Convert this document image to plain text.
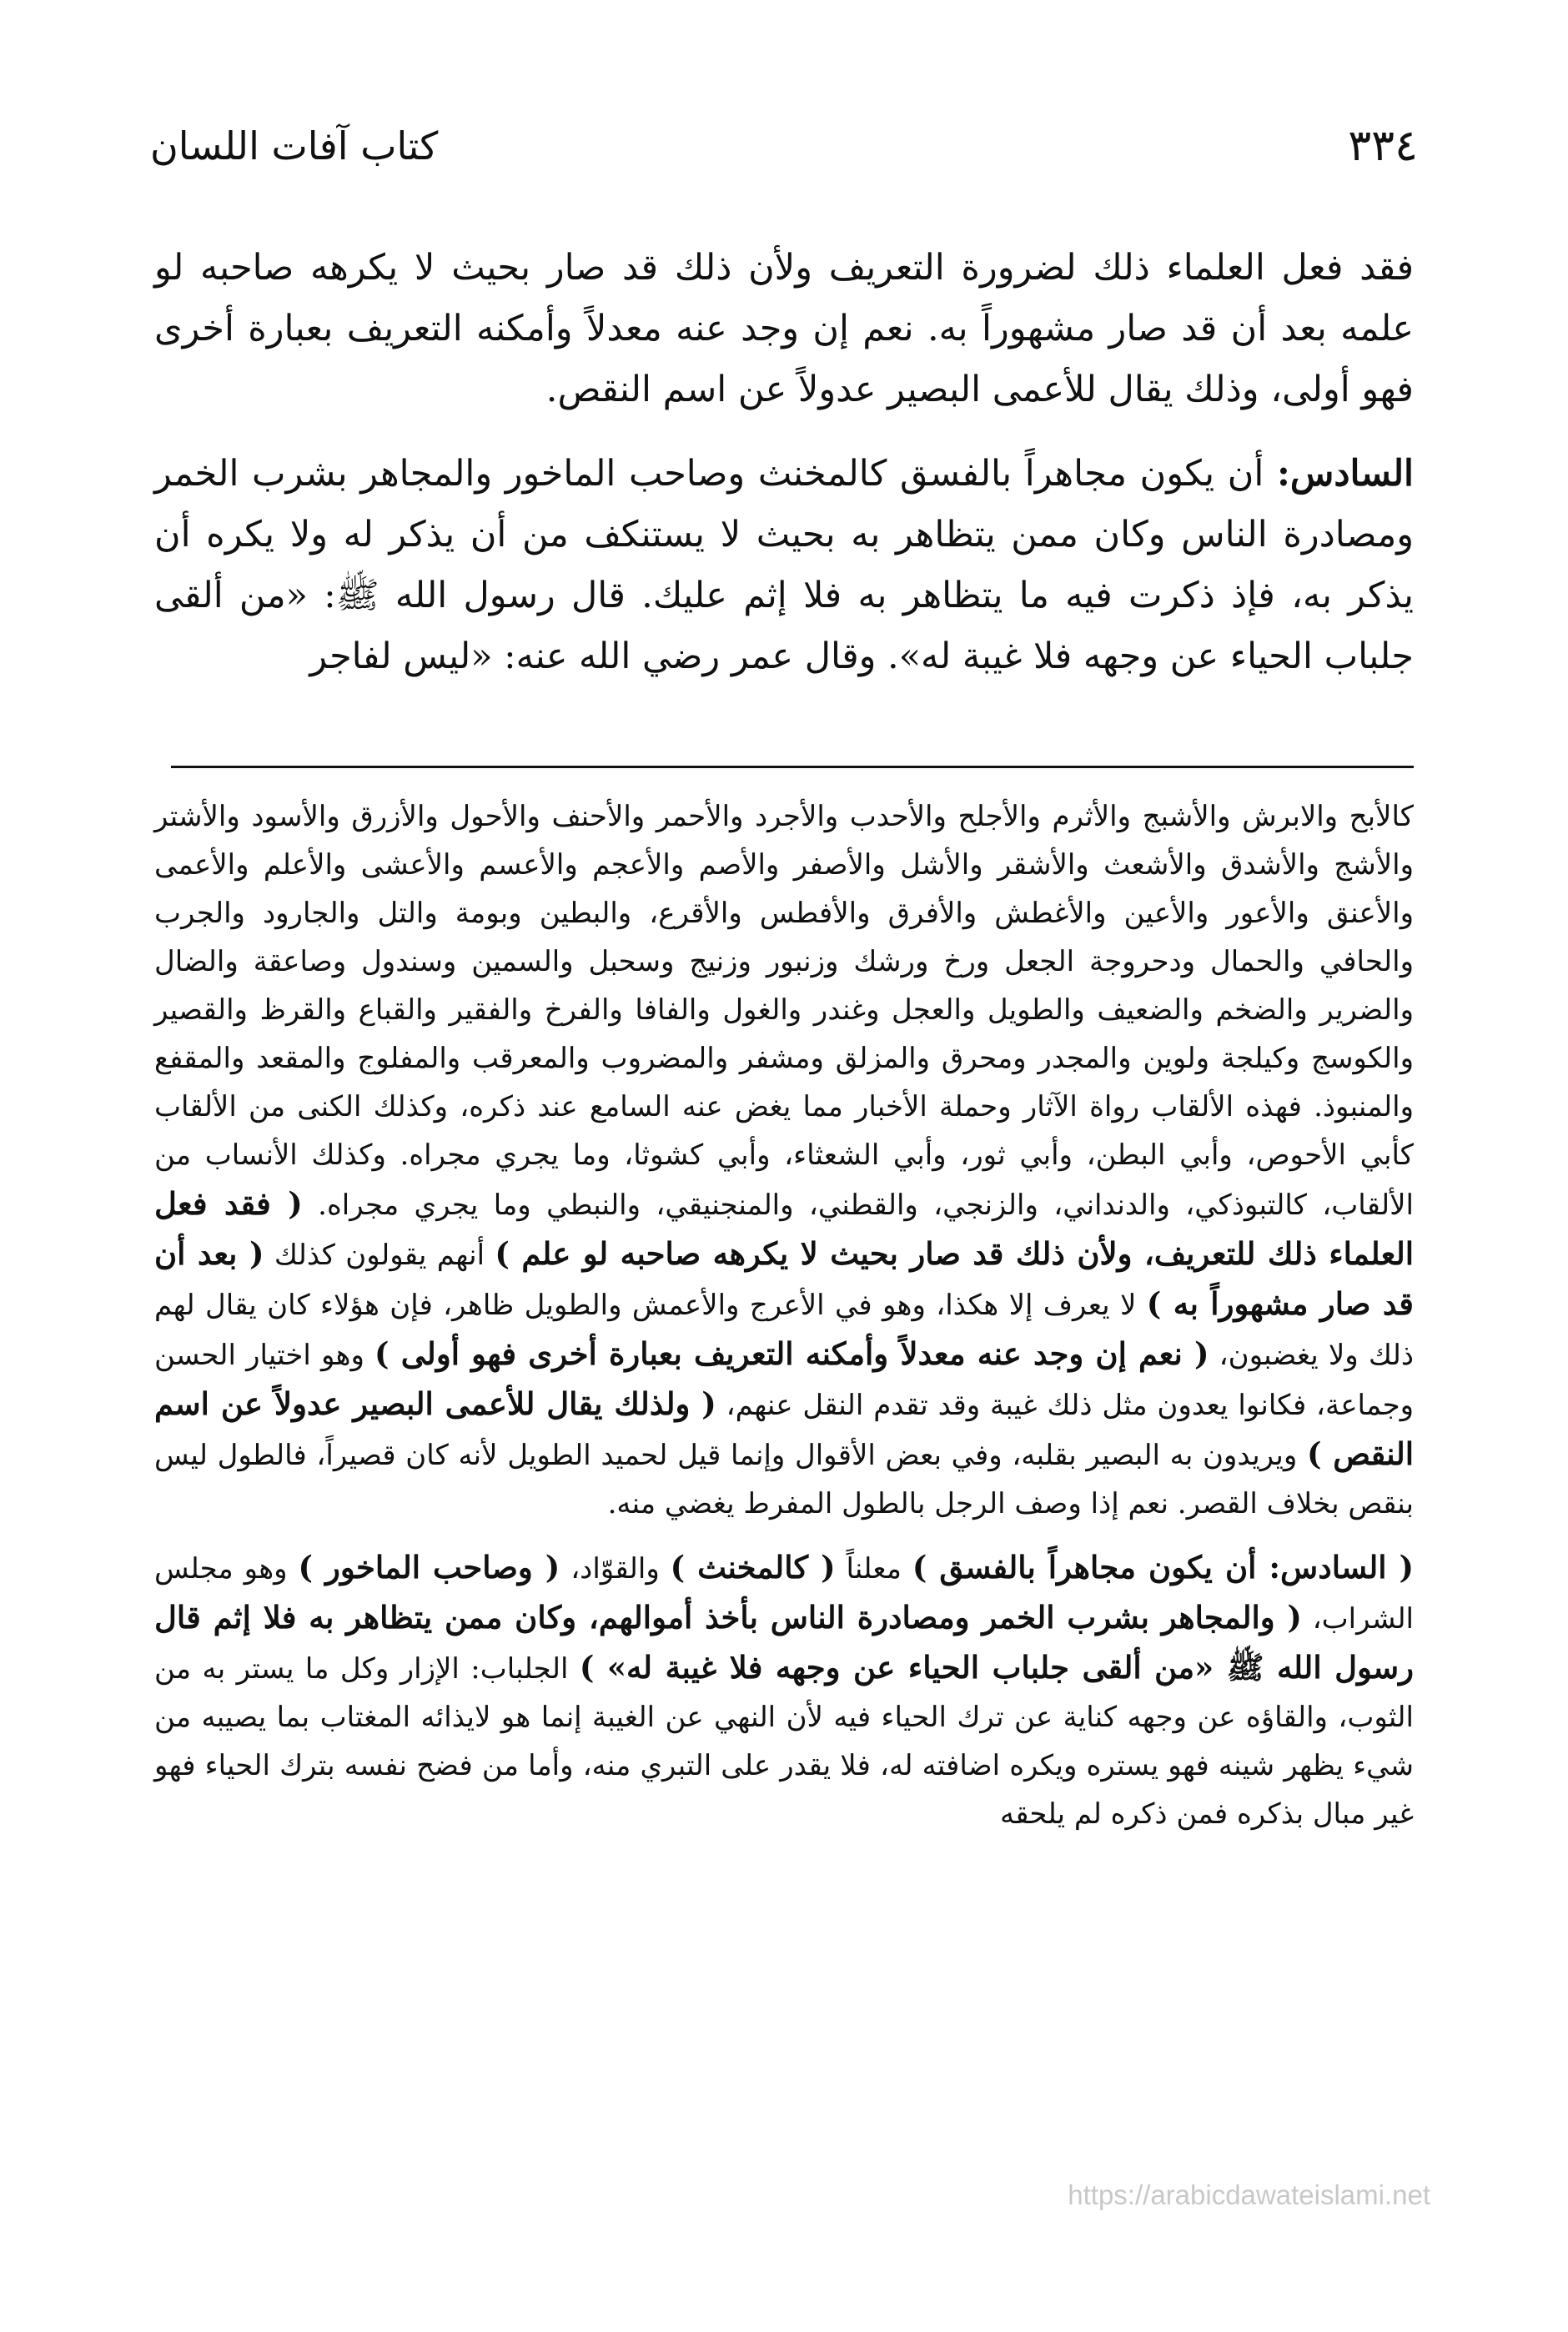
٣٣٤
كتاب آفات اللسان

فقد فعل العلماء ذلك لضرورة التعريف ولأن ذلك قد صار بحيث لا يكرهه صاحبه لو علمه بعد أن قد صار مشهوراً به. نعم إن وجد عنه معدلاً وأمكنه التعريف بعبارة أخرى فهو أولى، وذلك يقال للأعمى البصير عدولاً عن اسم النقص.

السادس: أن يكون مجاهراً بالفسق كالمخنث وصاحب الماخور والمجاهر بشرب الخمر ومصادرة الناس وكان ممن يتظاهر به بحيث لا يستنكف من أن يذكر له ولا يكره أن يذكر به، فإذ ذكرت فيه ما يتظاهر به فلا إثم عليك. قال رسول الله ﷺ: «من ألقى جلباب الحياء عن وجهه فلا غيبة له». وقال عمر رضي الله عنه: «ليس لفاجر

كالأبح والابرش والأشبج والأثرم والأجلح والأحدب والأجرد والأحمر والأحنف والأحول والأزرق والأسود والأشتر والأشج والأشدق والأشعث والأشقر والأشل والأصفر والأصم والأعجم والأعسم والأعشى والأعلم والأعمى والأعنق والأعور والأعين والأغطش والأفرق والأفطس والأقرع، والبطين وبومة والتل والجارود والجرب والحافي والحمال ودحروجة الجعل ورخ ورشك وزنبور وزنيج وسحبل والسمين وسندول وصاعقة والضال والضرير والضخم والضعيف والطويل والعجل وغندر والغول والفافا والفرخ والفقير والقباع والقرظ والقصير والكوسج وكيلجة ولوين والمجدر ومحرق والمزلق ومشفر والمضروب والمعرقب والمفلوج والمقعد والمقفع والمنبوذ. فهذه الألقاب رواة الآثار وحملة الأخبار مما يغض عنه السامع عند ذكره، وكذلك الكنى من الألقاب كأبي الأحوص، وأبي البطن، وأبي ثور، وأبي الشعثاء، وأبي كشوثا، وما يجري مجراه. وكذلك الأنساب من الألقاب، كالتبوذكي، والدنداني، والزنجي، والقطني، والمنجنيقي، والنبطي وما يجري مجراه. ( فقد فعل العلماء ذلك للتعريف، ولأن ذلك قد صار بحيث لا يكرهه صاحبه لو علم ) أنهم يقولون كذلك ( بعد أن قد صار مشهوراً به ) لا يعرف إلا هكذا، وهو في الأعرج والأعمش والطويل ظاهر، فإن هؤلاء كان يقال لهم ذلك ولا يغضبون، ( نعم إن وجد عنه معدلاً وأمكنه التعريف بعبارة أخرى فهو أولى ) وهو اختيار الحسن وجماعة، فكانوا يعدون مثل ذلك غيبة وقد تقدم النقل عنهم، ( ولذلك يقال للأعمى البصير عدولاً عن اسم النقص ) ويريدون به البصير بقلبه، وفي بعض الأقوال وإنما قيل لحميد الطويل لأنه كان قصيراً، فالطول ليس بنقص بخلاف القصر. نعم إذا وصف الرجل بالطول المفرط يغضي منه.

( السادس: أن يكون مجاهراً بالفسق ) معلناً ( كالمخنث ) والقوّاد، ( وصاحب الماخور ) وهو مجلس الشراب، ( والمجاهر بشرب الخمر ومصادرة الناس بأخذ أموالهم، وكان ممن يتظاهر به فلا إثم قال رسول الله ﷺ «من ألقى جلباب الحياء عن وجهه فلا غيبة له» ) الجلباب: الإزار وكل ما يستر به من الثوب، والقاؤه عن وجهه كناية عن ترك الحياء فيه لأن النهي عن الغيبة إنما هو لايذائه المغتاب بما يصيبه من شيء يظهر شينه فهو يستره ويكره اضافته له، فلا يقدر على التبري منه، وأما من فضح نفسه بترك الحياء فهو غير مبال بذكره فمن ذكره لم يلحقه

https://arabicdawateislami.net
